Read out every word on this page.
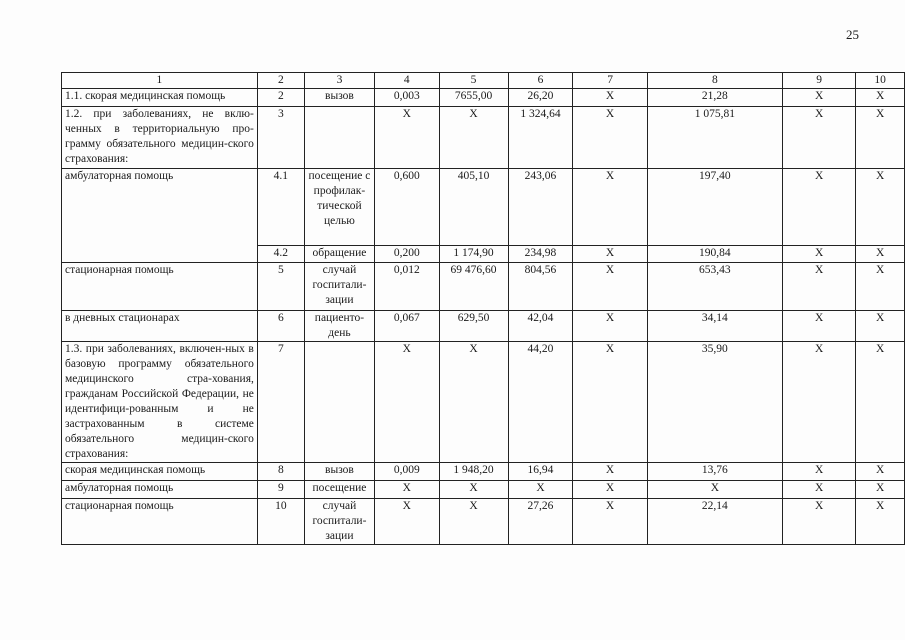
25
1	2	3	4	5	6	7	8	9	10
1.1. скорая медицинская помощь	2	вызов	0,003	7655,00	26,20	X	21,28	X	X
1.2. при заболеваниях, не вклю-ченных в территориальную про-грамму обязательного медицин-ского страхования:	3		X	X	1 324,64	X	1 075,81	X	X
амбулаторная помощь	4.1	посещение с профилак-тической целью	0,600	405,10	243,06	X	197,40	X	X
	4.2	обращение	0,200	1 174,90	234,98	X	190,84	X	X
стационарная помощь	5	случай госпитали-зации	0,012	69 476,60	804,56	X	653,43	X	X
в дневных стационарах	6	пациенто-день	0,067	629,50	42,04	X	34,14	X	X
1.3. при заболеваниях, включен-ных в базовую программу обязательного медицинского стра-хования, гражданам Российской Федерации, не идентифици-рованным и не застрахованным в системе обязательного медицин-ского страхования:	7		X	X	44,20	X	35,90	X	X
скорая медицинская помощь	8	вызов	0,009	1 948,20	16,94	X	13,76	X	X
амбулаторная помощь	9	посещение	X	X	X	X	X	X	X
стационарная помощь	10	случай госпитали-зации	X	X	27,26	X	22,14	X	X
